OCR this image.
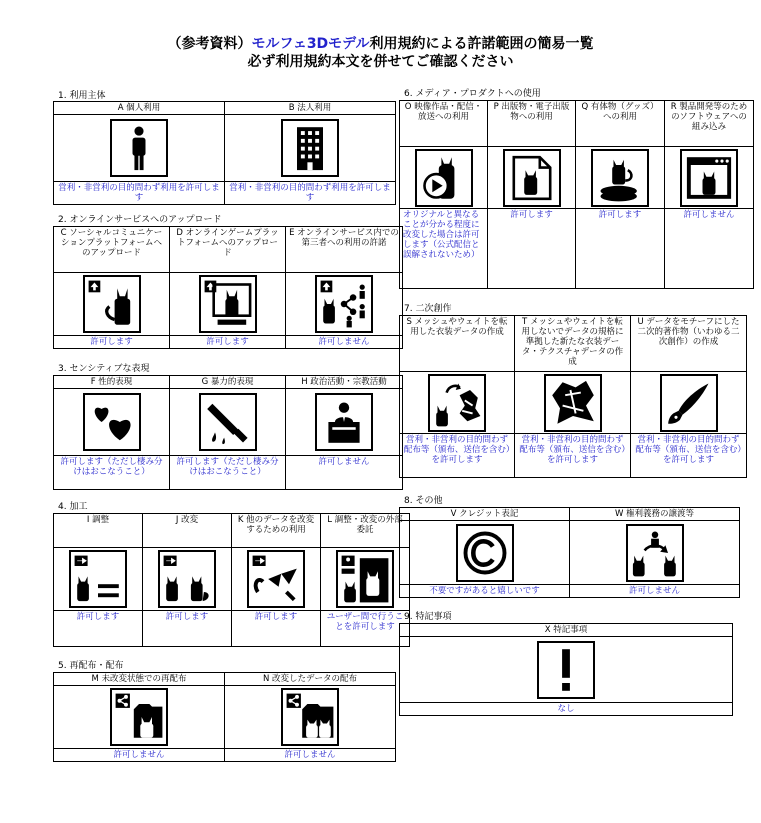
（参考資料）モルフェ3Dモデル利用規約による許諾範囲の簡易一覧
必ず利用規約本文を併せてご確認ください
1. 利用主体
A 個人利用	B 法人利用

営利・非営利の目的問わず利用を許可します	営利・非営利の目的問わず利用を許可します
2. オンラインサービスへのアップロード
C ソーシャルコミュニケーションプラットフォームへのアップロード	D オンラインゲームプラットフォームへのアップロード	E オンラインサービス内での第三者への利用の許諾

許可します	許可します	許可しません
3. センシティブな表現
F 性的表現	G 暴力的表現	H 政治活動・宗教活動

許可します（ただし棲み分けはおこなうこと）	許可します（ただし棲み分けはおこなうこと）	許可しません
4. 加工
I 調整	J 改変	K 他のデータを改変するための利用	L 調整・改変の外部委託

許可します	許可します	許可します	ユーザー間で行うことを許可します
5. 再配布・配布
M 未改変状態での再配布	N 改変したデータの配布

許可しません	許可しません
6. メディア・プロダクトへの使用
O 映像作品・配信・放送への利用	P 出版物・電子出版物への利用	Q 有体物（グッズ）への利用	R 製品開発等のためのソフトウェアへの組み込み

オリジナルと異なることが分かる程度に改変した場合は許可します（公式配信と誤解されないため）	許可します	許可します	許可しません
7. 二次創作
S メッシュやウェイトを転用した衣装データの作成	T メッシュやウェイトを転用しないでデータの規格に準拠した新たな衣装データ・テクスチャデータの作成	U データをモチーフにした二次的著作物（いわゆる二次創作）の作成

営利・非営利の目的問わず配布等（頒布、送信を含む）を許可します	営利・非営利の目的問わず配布等（頒布、送信を含む）を許可します	営利・非営利の目的問わず配布等（頒布、送信を含む）を許可します
8. その他
V クレジット表記	W 権利義務の譲渡等

不要ですがあると嬉しいです	許可しません
9. 特記事項
X 特記事項

なし
